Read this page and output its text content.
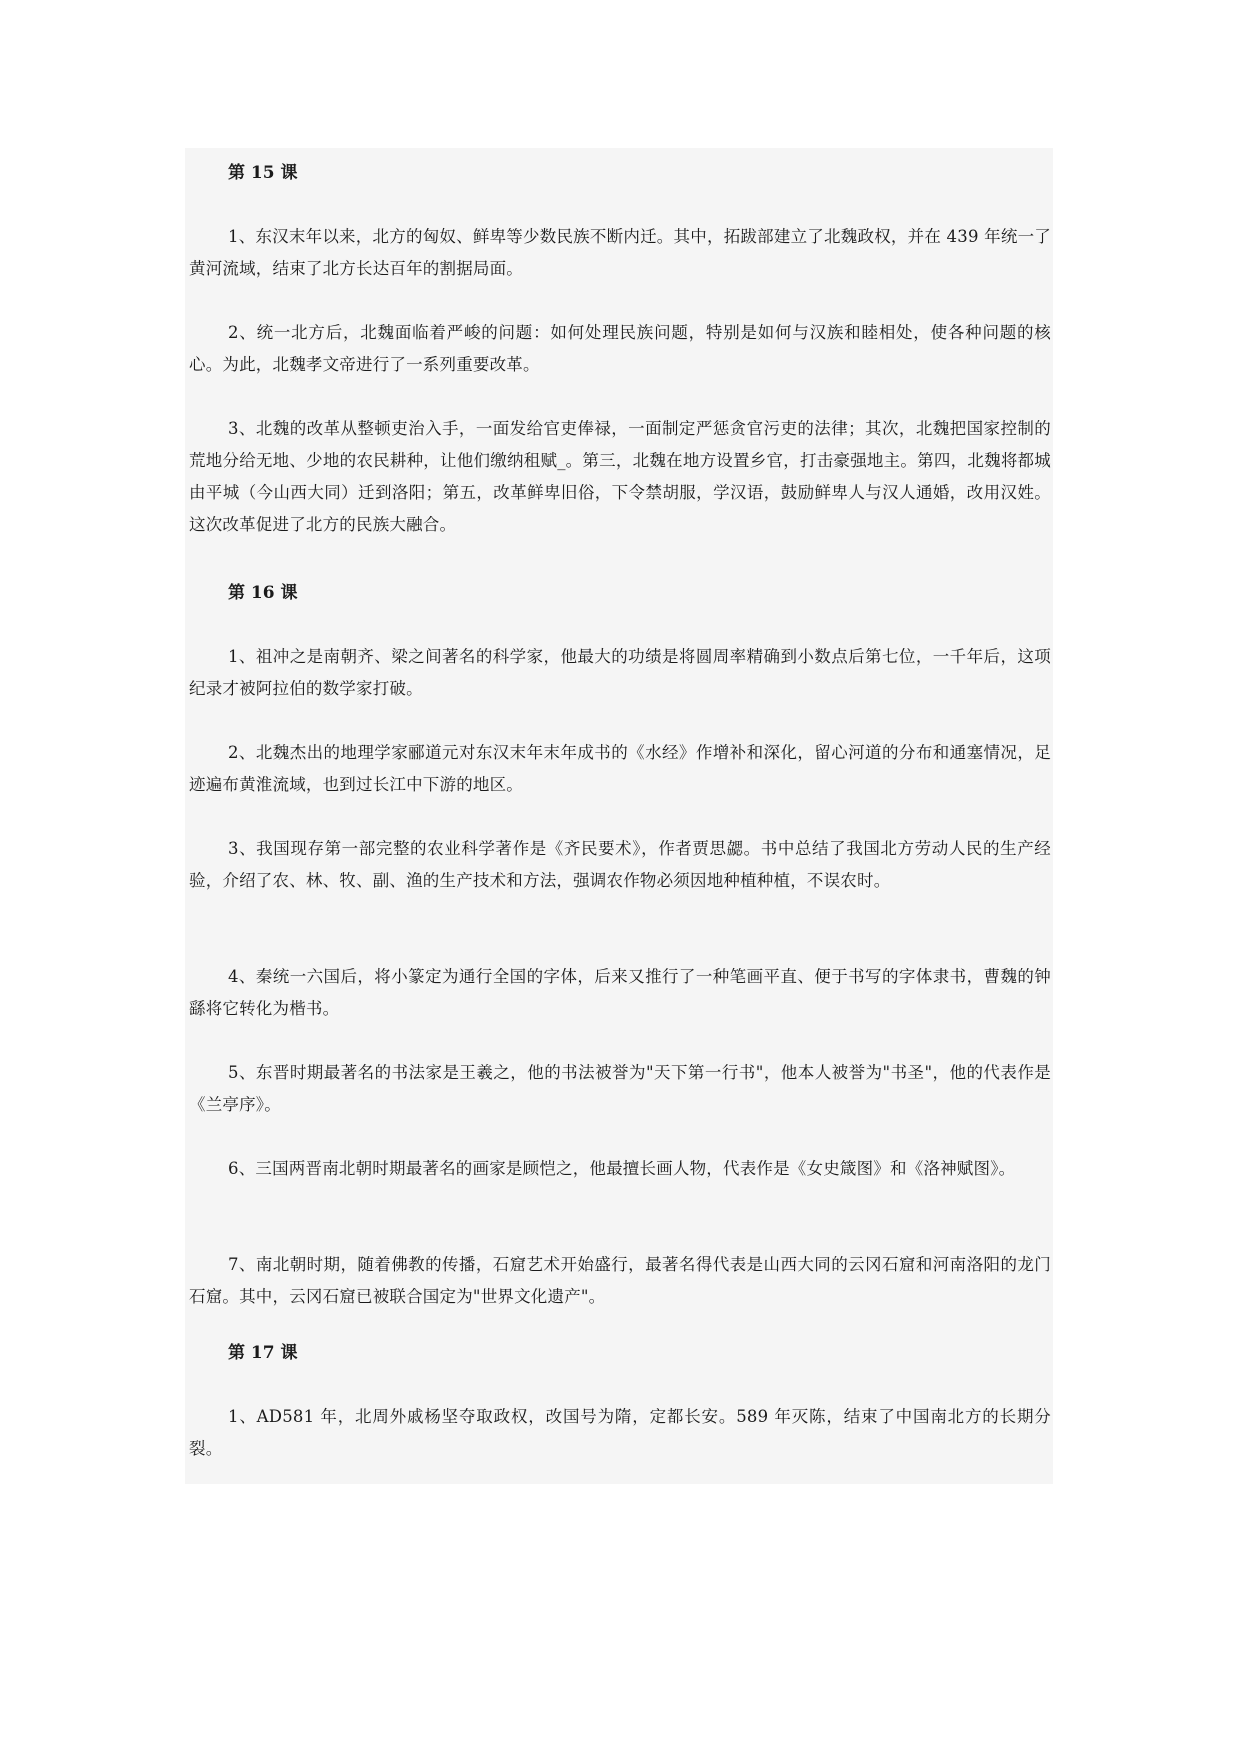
第 15 课
1、东汉末年以来，北方的匈奴、鲜卑等少数民族不断内迁。其中，拓跋部建立了北魏政权，并在 439 年统一了黄河流域，结束了北方长达百年的割据局面。
2、统一北方后，北魏面临着严峻的问题：如何处理民族问题，特别是如何与汉族和睦相处，使各种问题的核心。为此，北魏孝文帝进行了一系列重要改革。
3、北魏的改革从整顿吏治入手，一面发给官吏俸禄，一面制定严惩贪官污吏的法律；其次，北魏把国家控制的荒地分给无地、少地的农民耕种，让他们缴纳租赋_。第三，北魏在地方设置乡官，打击豪强地主。第四，北魏将都城由平城（今山西大同）迁到洛阳；第五，改革鲜卑旧俗，下令禁胡服，学汉语，鼓励鲜卑人与汉人通婚，改用汉姓。这次改革促进了北方的民族大融合。
第 16 课
1、祖冲之是南朝齐、梁之间著名的科学家，他最大的功绩是将圆周率精确到小数点后第七位，一千年后，这项纪录才被阿拉伯的数学家打破。
2、北魏杰出的地理学家郦道元对东汉末年末年成书的《水经》作增补和深化，留心河道的分布和通塞情况，足迹遍布黄淮流域，也到过长江中下游的地区。
3、我国现存第一部完整的农业科学著作是《齐民要术》，作者贾思勰。书中总结了我国北方劳动人民的生产经验，介绍了农、林、牧、副、渔的生产技术和方法，强调农作物必须因地种植种植，不误农时。
4、秦统一六国后，将小篆定为通行全国的字体，后来又推行了一种笔画平直、便于书写的字体隶书，曹魏的钟繇将它转化为楷书。
5、东晋时期最著名的书法家是王羲之，他的书法被誉为"天下第一行书"，他本人被誉为"书圣"，他的代表作是《兰亭序》。
6、三国两晋南北朝时期最著名的画家是顾恺之，他最擅长画人物，代表作是《女史箴图》和《洛神赋图》。
7、南北朝时期，随着佛教的传播，石窟艺术开始盛行，最著名得代表是山西大同的云冈石窟和河南洛阳的龙门石窟。其中，云冈石窟已被联合国定为"世界文化遗产"。
第 17 课
1、AD581 年，北周外戚杨坚夺取政权，改国号为隋，定都长安。589 年灭陈，结束了中国南北方的长期分裂。
